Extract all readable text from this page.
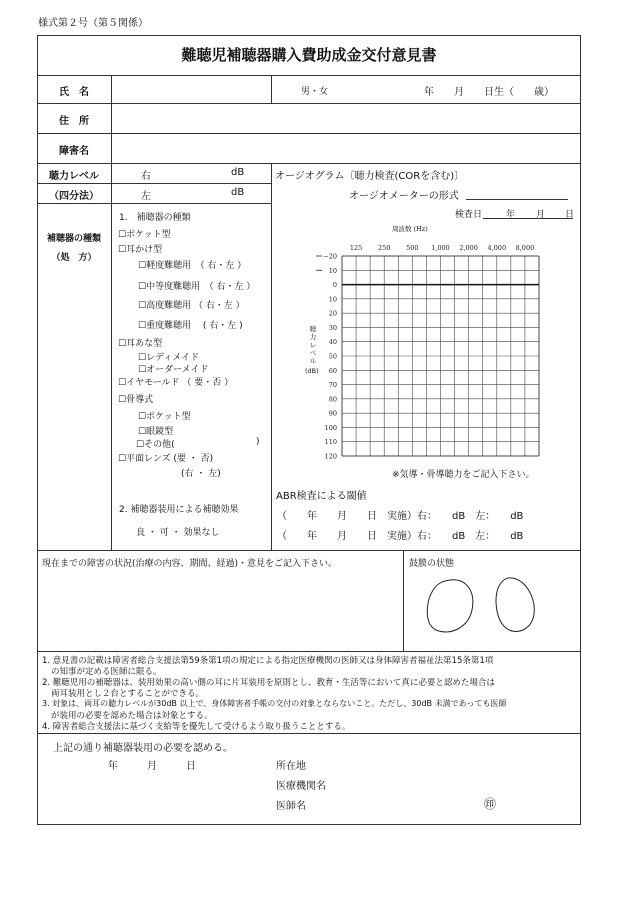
様式第２号（第５関係）
難聴児補聴器購入費助成金交付意見書
氏　名	男・女	年　　月　　日生（　　歳）
住　所
障害名
聴力レベル
（四分法）
右	dB
左	dB
補聴器の種類
（処　方）
1.　補聴器の種類
☐ポケット型
☐耳かけ型
☐軽度難聴用　（ 右・左 ）
☐中等度難聴用　（ 右・左 ）
☐高度難聴用 （ 右・左 ）
☐重度難聴用　 ( 右・左 )
☐耳あな型
☐レディメイド
☐オーダーメイド
☐イヤモールド （ 要・否 ）
☐骨導式
☐ポケット型
☐眼鏡型
☐その他(	)
☐平面レンズ (要 ・ 否)
(右 ・ 左)
2. 補聴器装用による補聴効果
良 ・ 可 ・ 効果なし
オージオグラム〔聴力検査(CORを含む)〕
オージオメーターの形式
検査日	年 月 日
周波数 (Hz)
−20
10
0
10
20
30
40
50
60
70
80
90
100
110
120
125 250 500 1,000 2,000 4,000 8,000
聴力レベル
(dB)
※気導・骨導聴力をご記入下さい。
ABR検査による閾値
（　　年　　月　　日　実施）右：　　dB　左：　　dB
（　　年　　月　　日　実施）右：　　dB　左：　　dB
現在までの障害の状況(治療の内容、期間、経過)・意見をご記入下さい。	鼓膜の状態
1. 意見書の記載は障害者総合支援法第59条第1項の規定による指定医療機関の医師又は身体障害者福祉法第15条第1項
の知事が定める医師に限る。
2. 難聴児用の補聴器は、装用効果の高い側の耳に片耳装用を原則とし、教育・生活等において真に必要と認めた場合は
両耳装用とし２台とすることができる。
3. 対象は、両耳の聴力レベルが30dB 以上で、身体障害者手帳の交付の対象とならないこと。ただし、30dB 未満であっても医師
が装用の必要を認めた場合は対象とする。
4. 障害者総合支援法に基づく支給等を優先して受けるよう取り扱うこととする。
上記の通り補聴器装用の必要を認める。
年	月	日	所在地
医療機関名
医師名	㊞
